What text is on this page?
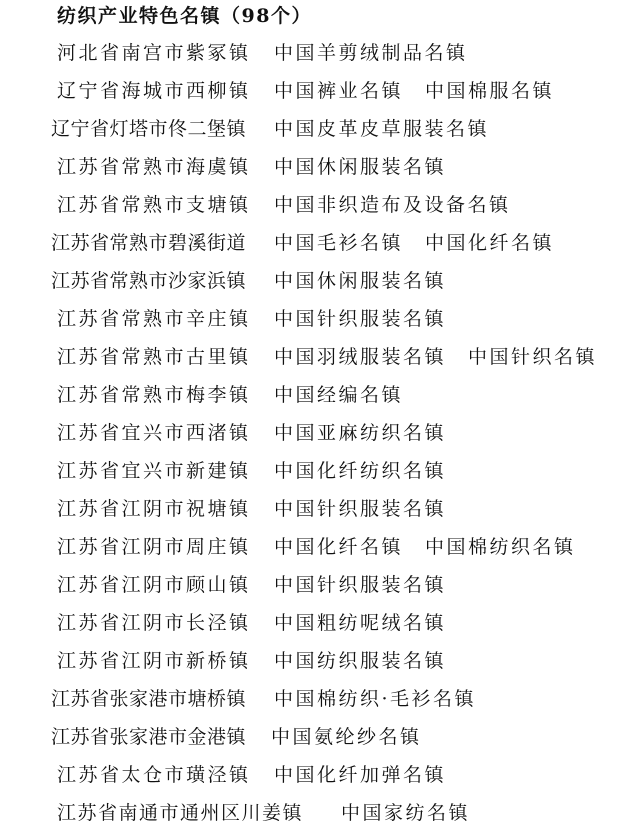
纺织产业特色名镇（98个）
河北省南宫市紫冢镇 中国羊剪绒制品名镇
辽宁省海城市西柳镇 中国裤业名镇 中国棉服名镇
辽宁省灯塔市佟二堡镇 中国皮革皮草服装名镇
江苏省常熟市海虞镇 中国休闲服装名镇
江苏省常熟市支塘镇 中国非织造布及设备名镇
江苏省常熟市碧溪街道 中国毛衫名镇 中国化纤名镇
江苏省常熟市沙家浜镇 中国休闲服装名镇
江苏省常熟市辛庄镇 中国针织服装名镇
江苏省常熟市古里镇 中国羽绒服装名镇 中国针织名镇
江苏省常熟市梅李镇 中国经编名镇
江苏省宜兴市西渚镇 中国亚麻纺织名镇
江苏省宜兴市新建镇 中国化纤纺织名镇
江苏省江阴市祝塘镇 中国针织服装名镇
江苏省江阴市周庄镇 中国化纤名镇 中国棉纺织名镇
江苏省江阴市顾山镇 中国针织服装名镇
江苏省江阴市长泾镇 中国粗纺呢绒名镇
江苏省江阴市新桥镇 中国纺织服装名镇
江苏省张家港市塘桥镇 中国棉纺织·毛衫名镇
江苏省张家港市金港镇 中国氨纶纱名镇
江苏省太仓市璜泾镇 中国化纤加弹名镇
江苏省南通市通州区川姜镇 中国家纺名镇
